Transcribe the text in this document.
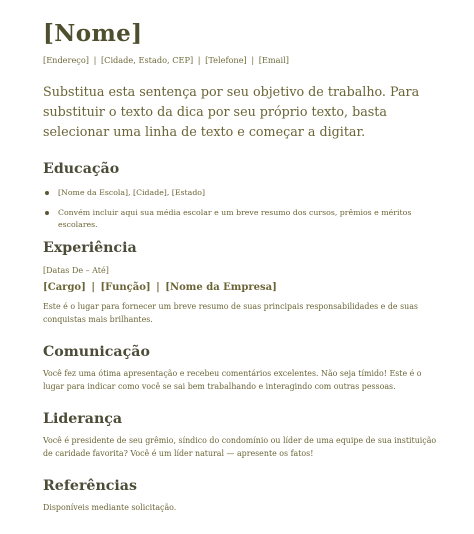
[Nome]
[Endereço] | [Cidade, Estado, CEP] | [Telefone] | [Email]
Substitua esta sentença por seu objetivo de trabalho. Para substituir o texto da dica por seu próprio texto, basta selecionar uma linha de texto e começar a digitar.
Educação
[Nome da Escola], [Cidade], [Estado]
Convém incluir aqui sua média escolar e um breve resumo dos cursos, prêmios e méritos escolares.
Experiência
[Datas De – Até]
[Cargo] | [Função] | [Nome da Empresa]
Este é o lugar para fornecer um breve resumo de suas principais responsabilidades e de suas conquistas mais brilhantes.
Comunicação
Você fez uma ótima apresentação e recebeu comentários excelentes. Não seja tímido! Este é o lugar para indicar como você se sai bem trabalhando e interagindo com outras pessoas.
Liderança
Você é presidente de seu grêmio, síndico do condomínio ou líder de uma equipe de sua instituição de caridade favorita? Você é um líder natural — apresente os fatos!
Referências
Disponíveis mediante solicitação.
